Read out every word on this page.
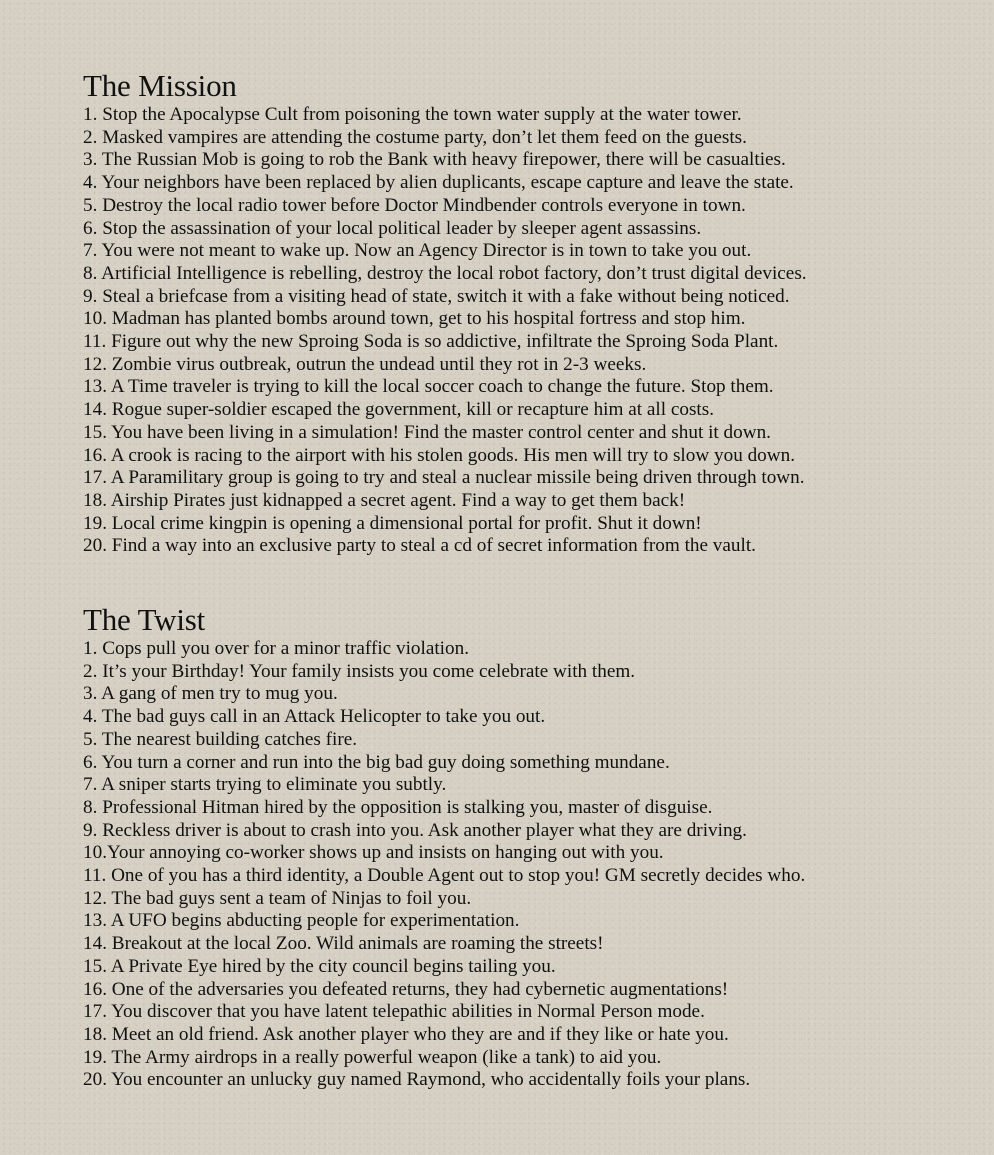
The Mission
1. Stop the Apocalypse Cult from poisoning the town water supply at the water tower.
2. Masked vampires are attending the costume party, don’t let them feed on the guests.
3. The Russian Mob is going to rob the Bank with heavy firepower, there will be casualties.
4. Your neighbors have been replaced by alien duplicants, escape capture and leave the state.
5. Destroy the local radio tower before Doctor Mindbender controls everyone in town.
6. Stop the assassination of your local political leader by sleeper agent assassins.
7. You were not meant to wake up. Now an Agency Director is in town to take you out.
8. Artificial Intelligence is rebelling, destroy the local robot factory, don’t trust digital devices.
9. Steal a briefcase from a visiting head of state, switch it with a fake without being noticed.
10. Madman has planted bombs around town, get to his hospital fortress and stop him.
11. Figure out why the new Sproing Soda is so addictive, infiltrate the Sproing Soda Plant.
12. Zombie virus outbreak, outrun the undead until they rot in 2-3 weeks.
13. A Time traveler is trying to kill the local soccer coach to change the future. Stop them.
14. Rogue super-soldier escaped the government, kill or recapture him at all costs.
15. You have been living in a simulation! Find the master control center and shut it down.
16. A crook is racing to the airport with his stolen goods. His men will try to slow you down.
17. A Paramilitary group is going to try and steal a nuclear missile being driven through town.
18. Airship Pirates just kidnapped a secret agent. Find a way to get them back!
19. Local crime kingpin is opening a dimensional portal for profit. Shut it down!
20. Find a way into an exclusive party to steal a cd of secret information from the vault.
The Twist
1. Cops pull you over for a minor traffic violation.
2. It’s your Birthday! Your family insists you come celebrate with them.
3. A gang of men try to mug you.
4. The bad guys call in an Attack Helicopter to take you out.
5. The nearest building catches fire.
6. You turn a corner and run into the big bad guy doing something mundane.
7. A sniper starts trying to eliminate you subtly.
8. Professional Hitman hired by the opposition is stalking you, master of disguise.
9. Reckless driver is about to crash into you. Ask another player what they are driving.
10.Your annoying co-worker shows up and insists on hanging out with you.
11. One of you has a third identity, a Double Agent out to stop you! GM secretly decides who.
12. The bad guys sent a team of Ninjas to foil you.
13. A UFO begins abducting people for experimentation.
14. Breakout at the local Zoo. Wild animals are roaming the streets!
15. A Private Eye hired by the city council begins tailing you.
16. One of the adversaries you defeated returns, they had cybernetic augmentations!
17. You discover that you have latent telepathic abilities in Normal Person mode.
18. Meet an old friend. Ask another player who they are and if they like or hate you.
19. The Army airdrops in a really powerful weapon (like a tank) to aid you.
20. You encounter an unlucky guy named Raymond, who accidentally foils your plans.
